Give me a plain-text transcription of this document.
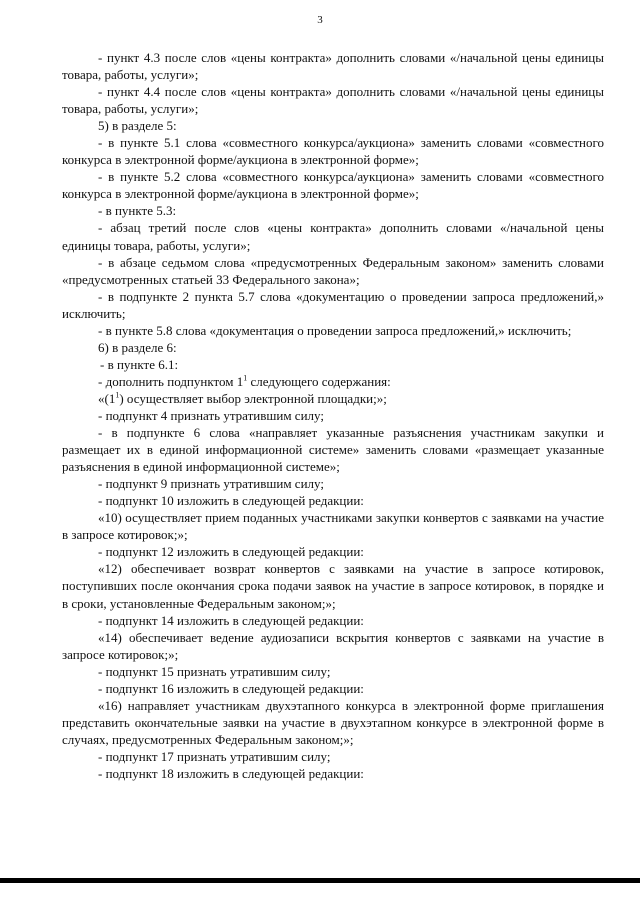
3

- пункт 4.3 после слов «цены контракта» дополнить словами «/начальной цены единицы товара, работы, услуги»;

- пункт 4.4 после слов «цены контракта» дополнить словами «/начальной цены единицы товара, работы, услуги»;

5) в разделе 5:

- в пункте 5.1 слова «совместного конкурса/аукциона» заменить словами «совместного конкурса в электронной форме/аукциона в электронной форме»;

- в пункте 5.2 слова «совместного конкурса/аукциона» заменить словами «совместного конкурса в электронной форме/аукциона в электронной форме»;

- в пункте 5.3:

- абзац третий после слов «цены контракта» дополнить словами «/начальной цены единицы товара, работы, услуги»;

- в абзаце седьмом слова «предусмотренных Федеральным законом» заменить словами «предусмотренных статьей 33 Федерального закона»;

- в подпункте 2 пункта 5.7 слова «документацию о проведении запроса предложений,» исключить;

- в пункте 5.8 слова «документация о проведении запроса предложений,» исключить;

6) в разделе 6:

- в пункте 6.1:

- дополнить подпунктом $1^1$ следующего содержания:

«$(1^1)$ осуществляет выбор электронной площадки;»;

- подпункт 4 признать утратившим силу;

- в подпункте 6 слова «направляет указанные разъяснения участникам закупки и размещает их в единой информационной системе» заменить словами «размещает указанные разъяснения в единой информационной системе»;

- подпункт 9 признать утратившим силу;

- подпункт 10 изложить в следующей редакции:

«10) осуществляет прием поданных участниками закупки конвертов с заявками на участие в запросе котировок;»;

- подпункт 12 изложить в следующей редакции:

«12) обеспечивает возврат конвертов с заявками на участие в запросе котировок, поступивших после окончания срока подачи заявок на участие в запросе котировок, в порядке и в сроки, установленные Федеральным законом;»;

- подпункт 14 изложить в следующей редакции:

«14) обеспечивает ведение аудиозаписи вскрытия конвертов с заявками на участие в запросе котировок;»;

- подпункт 15 признать утратившим силу;

- подпункт 16 изложить в следующей редакции:

«16) направляет участникам двухэтапного конкурса в электронной форме приглашения представить окончательные заявки на участие в двухэтапном конкурсе в электронной форме в случаях, предусмотренных Федеральным законом;»;

- подпункт 17 признать утратившим силу;

- подпункт 18 изложить в следующей редакции:
